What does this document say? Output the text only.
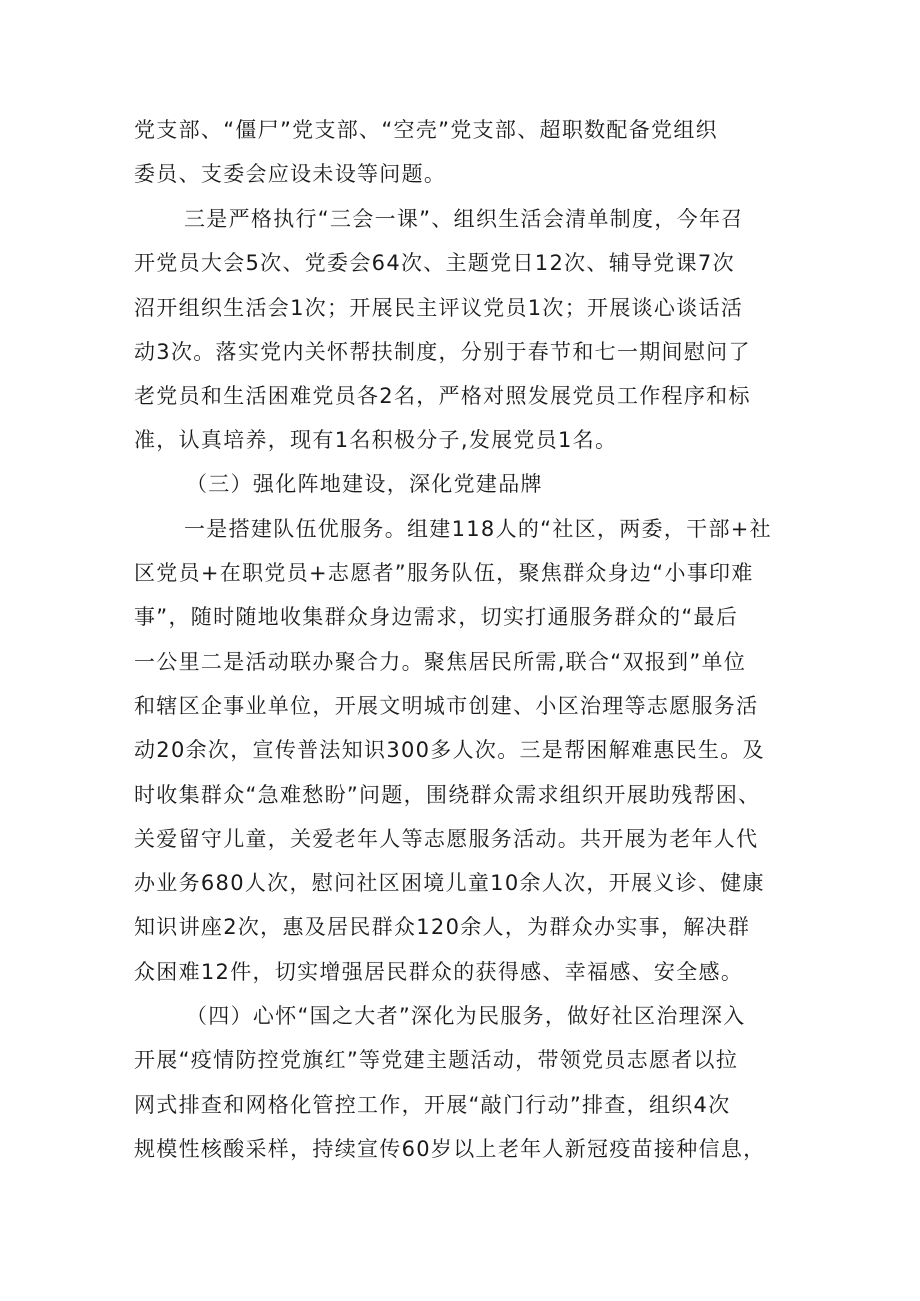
党支部、“僵尸”党支部、“空壳”党支部、超职数配备党组织
委员、支委会应设未设等问题。
三是严格执行“三会一课”、组织生活会清单制度，今年召
开党员大会5次、党委会64次、主题党日12次、辅导党课7次
沼开组织生活会1次；开展民主评议党员1次；开展谈心谈话活
动3次。落实党内关怀帮扶制度，分别于春节和七一期间慰问了
老党员和生活困难党员各2名，严格对照发展党员工作程序和标
准，认真培养，现有1名积极分子,发展党员1名。
（三）强化阵地建设，深化党建品牌
一是搭建队伍优服务。组建118人的“社区，两委，干部+社
区党员+在职党员+志愿者”服务队伍，聚焦群众身边“小事印难
事”，随时随地收集群众身边需求，切实打通服务群众的“最后
一公里二是活动联办聚合力。聚焦居民所需,联合“双报到”单位
和辖区企事业单位，开展文明城市创建、小区治理等志愿服务活
动20余次，宣传普法知识300多人次。三是帮困解难惠民生。及
时收集群众“急难愁盼”问题，围绕群众需求组织开展助残帮困、
关爱留守儿童，关爱老年人等志愿服务活动。共开展为老年人代
办业务680人次，慰问社区困境儿童10余人次，开展义诊、健康
知识讲座2次，惠及居民群众120余人，为群众办实事，解决群
众困难12件，切实增强居民群众的获得感、幸福感、安全感。
（四）心怀“国之大者”深化为民服务，做好社区治理深入
开展“疫情防控党旗红”等党建主题活动，带领党员志愿者以拉
网式排查和网格化管控工作，开展“敲门行动”排查，组织4次
规模性核酸采样，持续宣传60岁以上老年人新冠疫苗接种信息，
